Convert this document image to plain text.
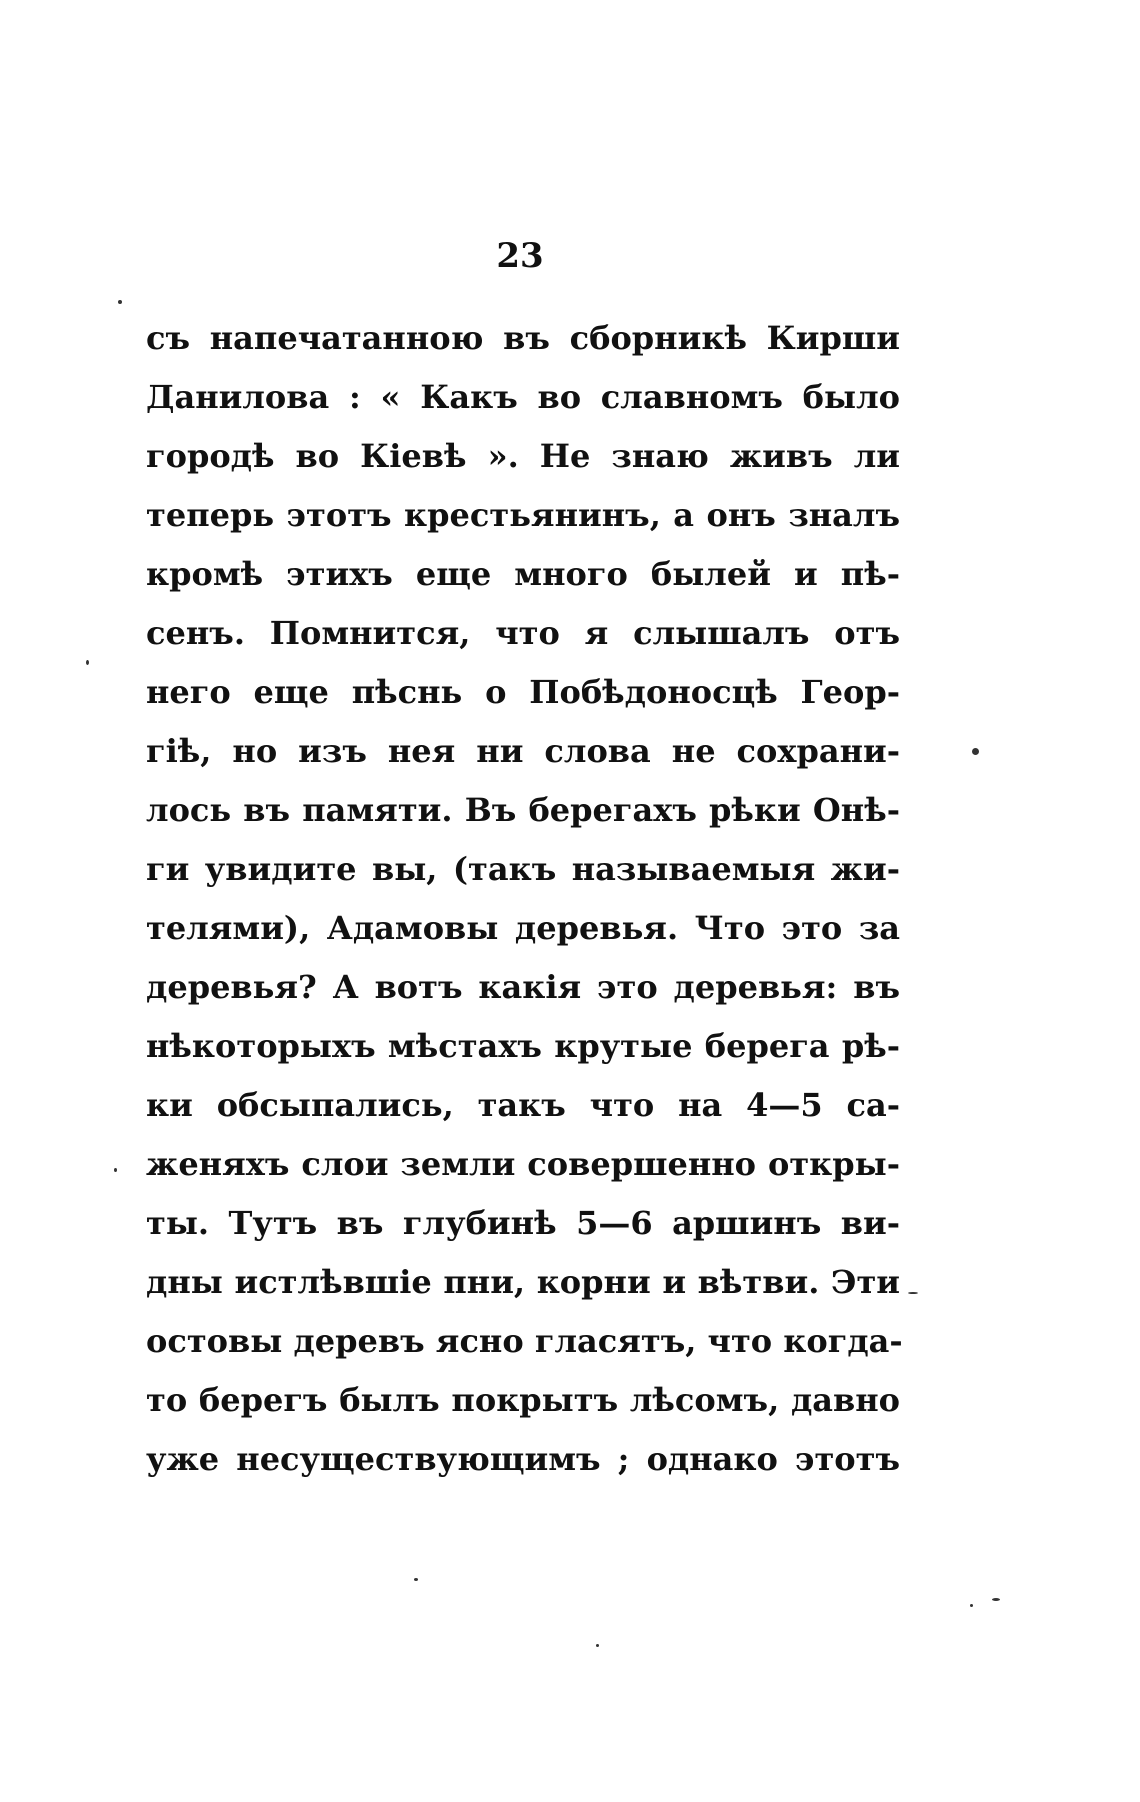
23
съ напечатанною въ сборникѣ Кирши
Данилова : « Какъ во славномъ было
городѣ во Кіевѣ ». Не знаю живъ ли
теперь этотъ крестьянинъ, а онъ зналъ
кромѣ этихъ еще много былей и пѣ-
сенъ. Помнится, что я слышалъ отъ
него еще пѣснь о Побѣдоносцѣ Геор-
гіѣ, но изъ нея ни слова не сохрани-
лось въ памяти. Въ берегахъ рѣки Онѣ-
ги увидите вы, (такъ называемыя жи-
телями), Адамовы деревья. Что это за
деревья? А вотъ какія это деревья: въ
нѣкоторыхъ мѣстахъ крутые берега рѣ-
ки обсыпались, такъ что на 4—5 са-
женяхъ слои земли совершенно откры-
ты. Тутъ въ глубинѣ 5—6 аршинъ ви-
дны истлѣвшіе пни, корни и вѣтви. Эти
остовы деревъ ясно гласятъ, что когда-
то берегъ былъ покрытъ лѣсомъ, давно
уже несуществующимъ ; однако этотъ
